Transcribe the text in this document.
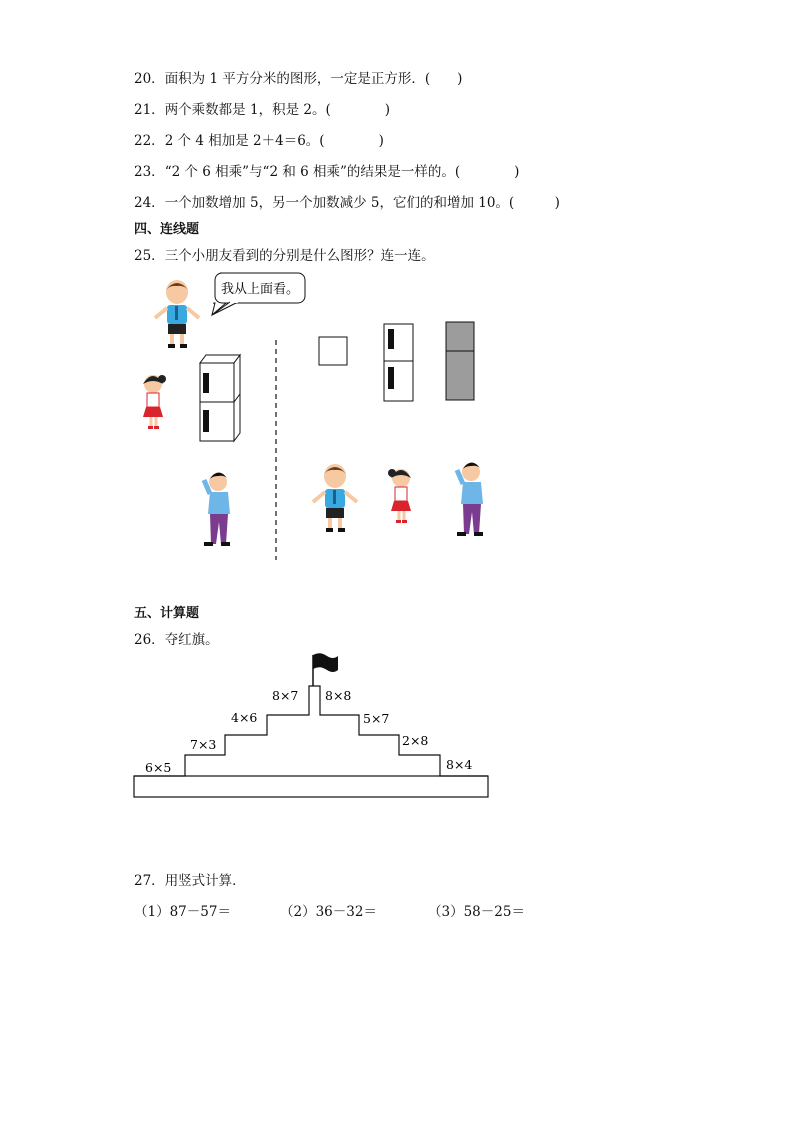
20．面积为 1 平方分米的图形，一定是正方形．(　　)
21．两个乘数都是 1，积是 2。(　　　　)
22．2 个 4 相加是 2＋4＝6。(　　　　)
23．“2 个 6 相乘”与“2 和 6 相乘”的结果是一样的。(　　　　)
24．一个加数增加 5，另一个加数减少 5，它们的和增加 10。(　　　)
四、连线题
25．三个小朋友看到的分别是什么图形？连一连。
我从上面看。
五、计算题
26．夺红旗。
6×5
7×3
4×6
8×7 8×8
5×7
2×8
8×4
27．用竖式计算．
（1）87－57＝	（2）36－32＝	（3）58－25＝
